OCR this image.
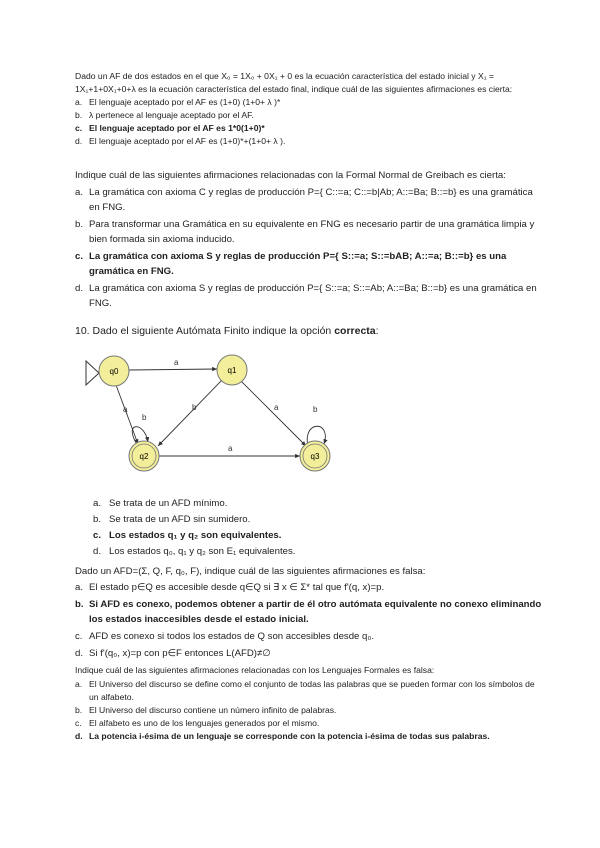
Dado un AF de dos estados en el que X₀ = 1X₀ + 0X₁ + 0 es la ecuación característica del estado inicial y X₁ = 1X₁+1+0X₁+0+λ es la ecuación característica del estado final, indique cuál de las siguientes afirmaciones es cierta:
a. El lenguaje aceptado por el AF es (1+0) (1+0+ λ )*
b. λ pertenece al lenguaje aceptado por el AF.
c. El lenguaje aceptado por el AF es 1*0(1+0)*
d. El lenguaje aceptado por el AF es (1+0)*+(1+0+ λ ).
Indique cuál de las siguientes afirmaciones relacionadas con la Formal Normal de Greibach es cierta:
a. La gramática con axioma C y reglas de producción P={ C::=a; C::=b|Ab; A::=Ba; B::=b} es una gramática en FNG.
b. Para transformar una Gramática en su equivalente en FNG es necesario partir de una gramática limpia y bien formada sin axioma inducido.
c. La gramática con axioma S y reglas de producción P={ S::=a; S::=bAB; A::=a; B::=b} es una gramática en FNG.
d. La gramática con axioma S y reglas de producción P={ S::=a; S::=Ab; A::=Ba; B::=b} es una gramática en FNG.
10. Dado el siguiente Autómata Finito indique la opción correcta:
a
a
b
b	a	b
a
q0	q1
q2	q3
a. Se trata de un AFD mínimo.
b. Se trata de un AFD sin sumidero.
c. Los estados q₁ y q₂ son equivalentes.
d. Los estados q₀, q₁ y q₂ son E₁ equivalentes.
Dado un AFD=(Σ, Q, F, q₀, F), indique cuál de las siguientes afirmaciones es falsa:
a. El estado p∈Q es accesible desde q∈Q si ∃ x ∈ Σ* tal que f'(q, x)=p.
b. Si AFD es conexo, podemos obtener a partir de él otro autómata equivalente no conexo eliminando los estados inaccesibles desde el estado inicial.
c. AFD es conexo si todos los estados de Q son accesibles desde q₀.
d. Si f'(q₀, x)=p con p∈F entonces L(AFD)≠∅
Indique cuál de las siguientes afirmaciones relacionadas con los Lenguajes Formales es falsa:
a. El Universo del discurso se define como el conjunto de todas las palabras que se pueden formar con los símbolos de un alfabeto.
b. El Universo del discurso contiene un número infinito de palabras.
c. El alfabeto es uno de los lenguajes generados por el mismo.
d. La potencia i-ésima de un lenguaje se corresponde con la potencia i-ésima de todas sus palabras.
